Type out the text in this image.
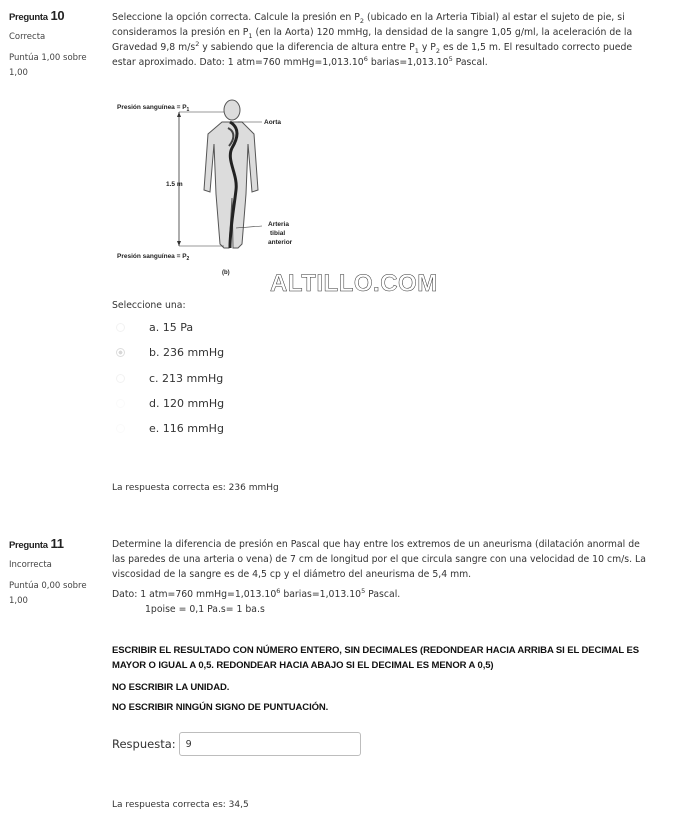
Pregunta 10
Correcta
Puntúa 1,00 sobre
1,00
Seleccione la opción correcta. Calcule la presión en $P_2$ (ubicado en la Arteria Tibial) al estar el sujeto de pie, si
consideramos la presión en $P_1$ (en la Aorta) 120 mmHg, la densidad de la sangre 1,05 g/ml, la aceleración de la
Gravedad 9,8 $m/s^2$ y sabiendo que la diferencia de altura entre $P_1$ y $P_2$ es de 1,5 m. El resultado correcto puede
estar aproximado. Dato: 1 atm=760 $mmHg=1,013.10^6$ $barias=1,013.10^5$ Pascal.
Presión sanguínea = $P_1$
Aorta
1.5 m
Arteria
tibial
anterior
Presión sanguínea = $P_2$
(b) ALTILLO.COM
Seleccione una:
a. 15 Pa
b. 236 mmHg
c. 213 mmHg
d. 120 mmHg
e. 116 mmHg
La respuesta correcta es: 236 mmHg
Pregunta 11
Incorrecta
Puntúa 0,00 sobre
1,00
Determine la diferencia de presión en Pascal que hay entre los extremos de un aneurisma (dilatación anormal de
las paredes de una arteria o vena) de 7 cm de longitud por el que circula sangre con una velocidad de 10 cm/s. La
viscosidad de la sangre es de 4,5 cp y el diámetro del aneurisma de 5,4 mm.
Dato: 1 atm=760 $mmHg=1,013.10^6$ $barias=1,013.10^5$ Pascal.
1poise = 0,1 Pa.s= 1 ba.s
ESCRIBIR EL RESULTADO CON NÚMERO ENTERO, SIN DECIMALES (REDONDEAR HACIA ARRIBA SI EL DECIMAL ES
MAYOR O IGUAL A 0,5. REDONDEAR HACIA ABAJO SI EL DECIMAL ES MENOR A 0,5)
NO ESCRIBIR LA UNIDAD.
NO ESCRIBIR NINGÚN SIGNO DE PUNTUACIÓN.
Respuesta:
9
La respuesta correcta es: 34,5
